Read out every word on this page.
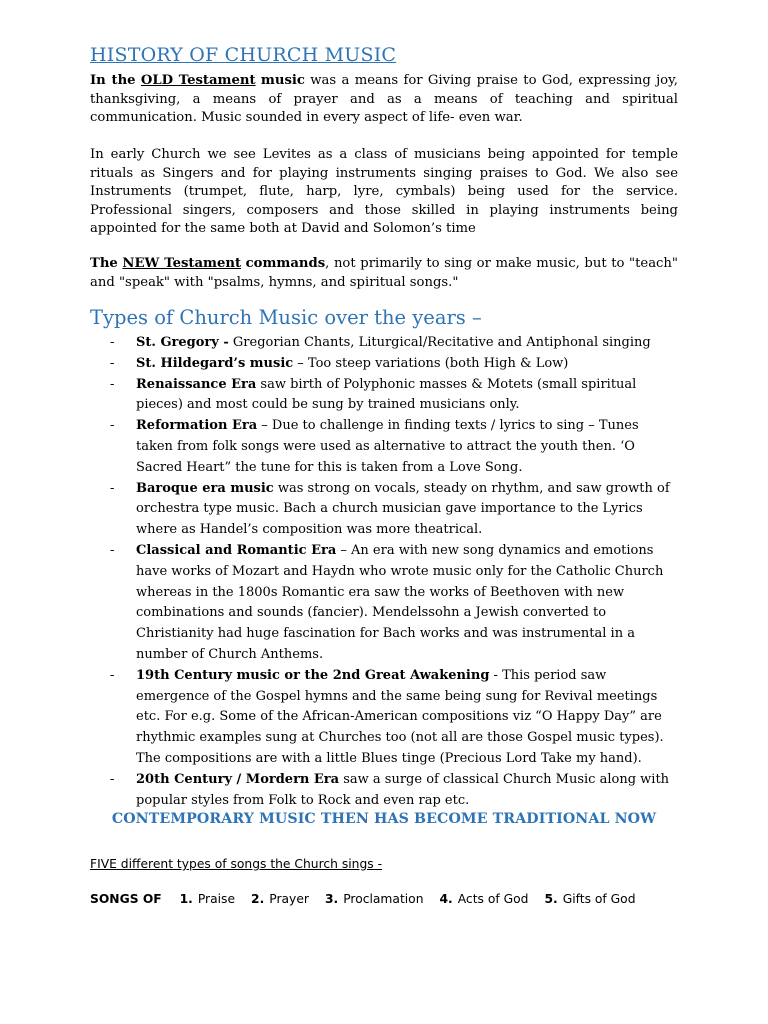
HISTORY OF CHURCH MUSIC

In the OLD Testament music was a means for Giving praise to God, expressing joy, thanksgiving, a means of prayer and as a means of teaching and spiritual communication. Music sounded in every aspect of life- even war.

In early Church we see Levites as a class of musicians being appointed for temple rituals as Singers and for playing instruments singing praises to God. We also see Instruments (trumpet, flute, harp, lyre, cymbals) being used for the service. Professional singers, composers and those skilled in playing instruments being appointed for the same both at David and Solomon’s time

The NEW Testament commands, not primarily to sing or make music, but to "teach" and "speak" with "psalms, hymns, and spiritual songs."

Types of Church Music over the years –
- St. Gregory - Gregorian Chants, Liturgical/Recitative and Antiphonal singing
- St. Hildegard’s music – Too steep variations (both High & Low)
- Renaissance Era saw birth of Polyphonic masses & Motets (small spiritual pieces) and most could be sung by trained musicians only.
- Reformation Era – Due to challenge in finding texts / lyrics to sing – Tunes taken from folk songs were used as alternative to attract the youth then. ‘O Sacred Heart” the tune for this is taken from a Love Song.
- Baroque era music was strong on vocals, steady on rhythm, and saw growth of orchestra type music. Bach a church musician gave importance to the Lyrics where as Handel’s composition was more theatrical.
- Classical and Romantic Era – An era with new song dynamics and emotions have works of Mozart and Haydn who wrote music only for the Catholic Church whereas in the 1800s Romantic era saw the works of Beethoven with new combinations and sounds (fancier). Mendelssohn a Jewish converted to Christianity had huge fascination for Bach works and was instrumental in a number of Church Anthems.
- 19th Century music or the 2nd Great Awakening - This period saw emergence of the Gospel hymns and the same being sung for Revival meetings etc. For e.g. Some of the African-American compositions viz “O Happy Day” are rhythmic examples sung at Churches too (not all are those Gospel music types). The compositions are with a little Blues tinge (Precious Lord Take my hand).
- 20th Century / Mordern Era saw a surge of classical Church Music along with popular styles from Folk to Rock and even rap etc.
CONTEMPORARY MUSIC THEN HAS BECOME TRADITIONAL NOW

FIVE different types of songs the Church sings -

SONGS OF 1. Praise 2. Prayer 3. Proclamation 4. Acts of God 5. Gifts of God
